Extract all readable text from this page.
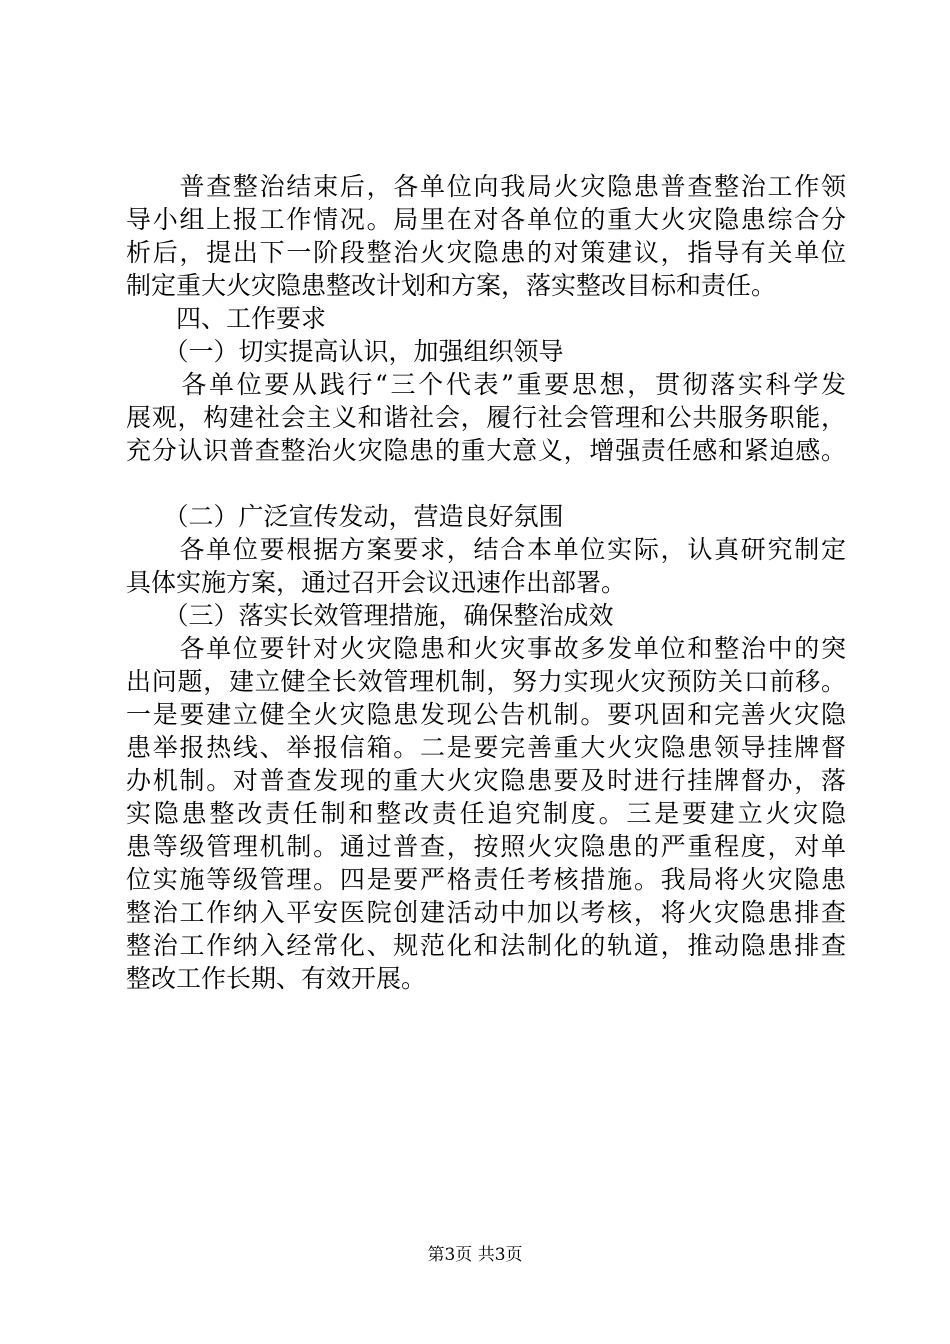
　　普查整治结束后，各单位向我局火灾隐患普查整治工作领
导小组上报工作情况。局里在对各单位的重大火灾隐患综合分
析后，提出下一阶段整治火灾隐患的对策建议，指导有关单位
制定重大火灾隐患整改计划和方案，落实整改目标和责任。
　　四、工作要求
　　（一）切实提高认识，加强组织领导
　　各单位要从践行“三个代表”重要思想，贯彻落实科学发
展观，构建社会主义和谐社会，履行社会管理和公共服务职能，
充分认识普查整治火灾隐患的重大意义，增强责任感和紧迫感。
　　（二）广泛宣传发动，营造良好氛围
　　各单位要根据方案要求，结合本单位实际，认真研究制定
具体实施方案，通过召开会议迅速作出部署。
　　（三）落实长效管理措施，确保整治成效
　　各单位要针对火灾隐患和火灾事故多发单位和整治中的突
出问题，建立健全长效管理机制，努力实现火灾预防关口前移。
一是要建立健全火灾隐患发现公告机制。要巩固和完善火灾隐
患举报热线、举报信箱。二是要完善重大火灾隐患领导挂牌督
办机制。对普查发现的重大火灾隐患要及时进行挂牌督办，落
实隐患整改责任制和整改责任追究制度。三是要建立火灾隐
患等级管理机制。通过普查，按照火灾隐患的严重程度，对单
位实施等级管理。四是要严格责任考核措施。我局将火灾隐患
整治工作纳入平安医院创建活动中加以考核，将火灾隐患排查
整治工作纳入经常化、规范化和法制化的轨道，推动隐患排查
整改工作长期、有效开展。
第3页 共3页
